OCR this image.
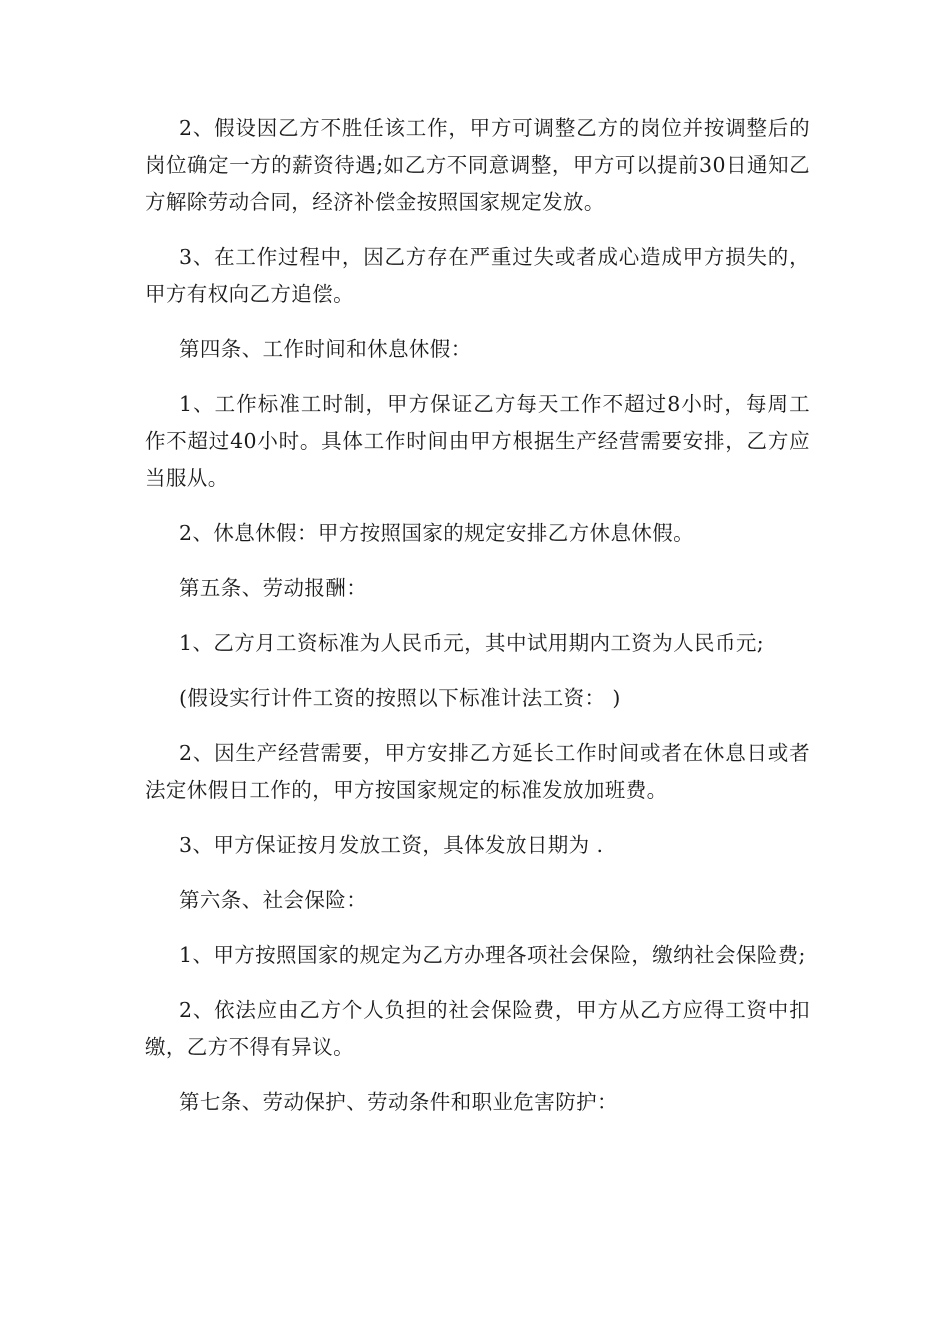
2、假设因乙方不胜任该工作，甲方可调整乙方的岗位并按调整后的岗位确定一方的薪资待遇;如乙方不同意调整，甲方可以提前30日通知乙方解除劳动合同，经济补偿金按照国家规定发放。

3、在工作过程中，因乙方存在严重过失或者成心造成甲方损失的，甲方有权向乙方追偿。

第四条、工作时间和休息休假：

1、工作标准工时制，甲方保证乙方每天工作不超过8小时，每周工作不超过40小时。具体工作时间由甲方根据生产经营需要安排，乙方应当服从。

2、休息休假：甲方按照国家的规定安排乙方休息休假。

第五条、劳动报酬：

1、乙方月工资标准为人民币元，其中试用期内工资为人民币元;

(假设实行计件工资的按照以下标准计法工资： )

2、因生产经营需要，甲方安排乙方延长工作时间或者在休息日或者法定休假日工作的，甲方按国家规定的标准发放加班费。

3、甲方保证按月发放工资，具体发放日期为 .

第六条、社会保险：

1、甲方按照国家的规定为乙方办理各项社会保险，缴纳社会保险费;

2、依法应由乙方个人负担的社会保险费，甲方从乙方应得工资中扣缴，乙方不得有异议。

第七条、劳动保护、劳动条件和职业危害防护：
